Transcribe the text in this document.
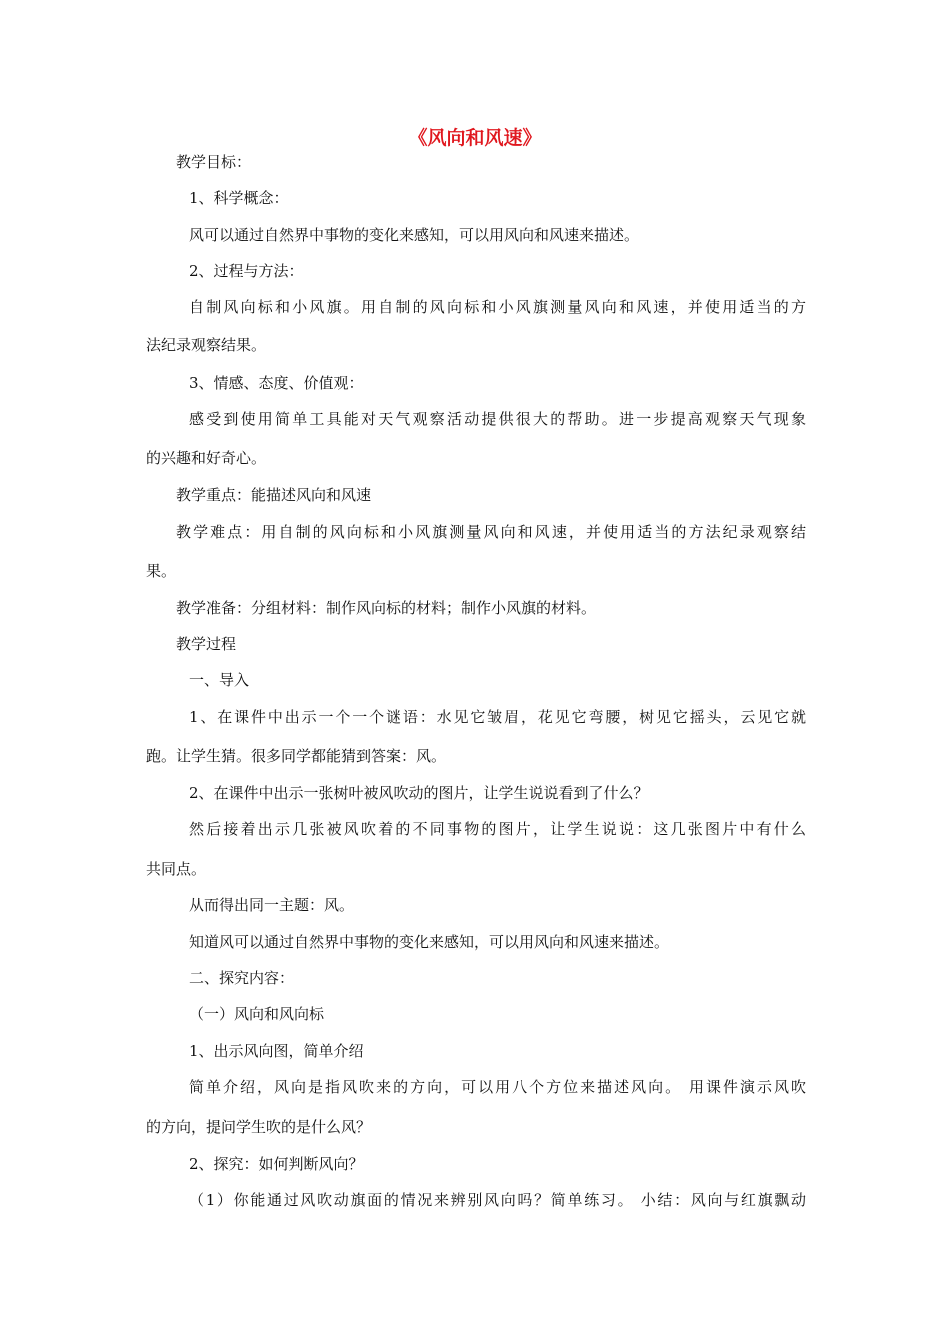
《风向和风速》
教学目标：
1、科学概念：
风可以通过自然界中事物的变化来感知，可以用风向和风速来描述。
2、过程与方法：
自制风向标和小风旗。用自制的风向标和小风旗测量风向和风速，并使用适当的方
法纪录观察结果。
3、情感、态度、价值观：
感受到使用简单工具能对天气观察活动提供很大的帮助。进一步提高观察天气现象
的兴趣和好奇心。
教学重点：能描述风向和风速
教学难点：用自制的风向标和小风旗测量风向和风速，并使用适当的方法纪录观察结
果。
教学准备：分组材料：制作风向标的材料；制作小风旗的材料。
教学过程
一、导入
1、在课件中出示一个一个谜语：水见它皱眉，花见它弯腰，树见它摇头，云见它就
跑。让学生猜。很多同学都能猜到答案：风。
2、在课件中出示一张树叶被风吹动的图片，让学生说说看到了什么？
然后接着出示几张被风吹着的不同事物的图片，让学生说说：这几张图片中有什么
共同点。
从而得出同一主题：风。
知道风可以通过自然界中事物的变化来感知，可以用风向和风速来描述。
二、探究内容：
（一）风向和风向标
1、出示风向图，简单介绍
简单介绍，风向是指风吹来的方向，可以用八个方位来描述风向。 用课件演示风吹
的方向，提问学生吹的是什么风？
2、探究：如何判断风向？
（1）你能通过风吹动旗面的情况来辨别风向吗？简单练习。 小结：风向与红旗飘动
